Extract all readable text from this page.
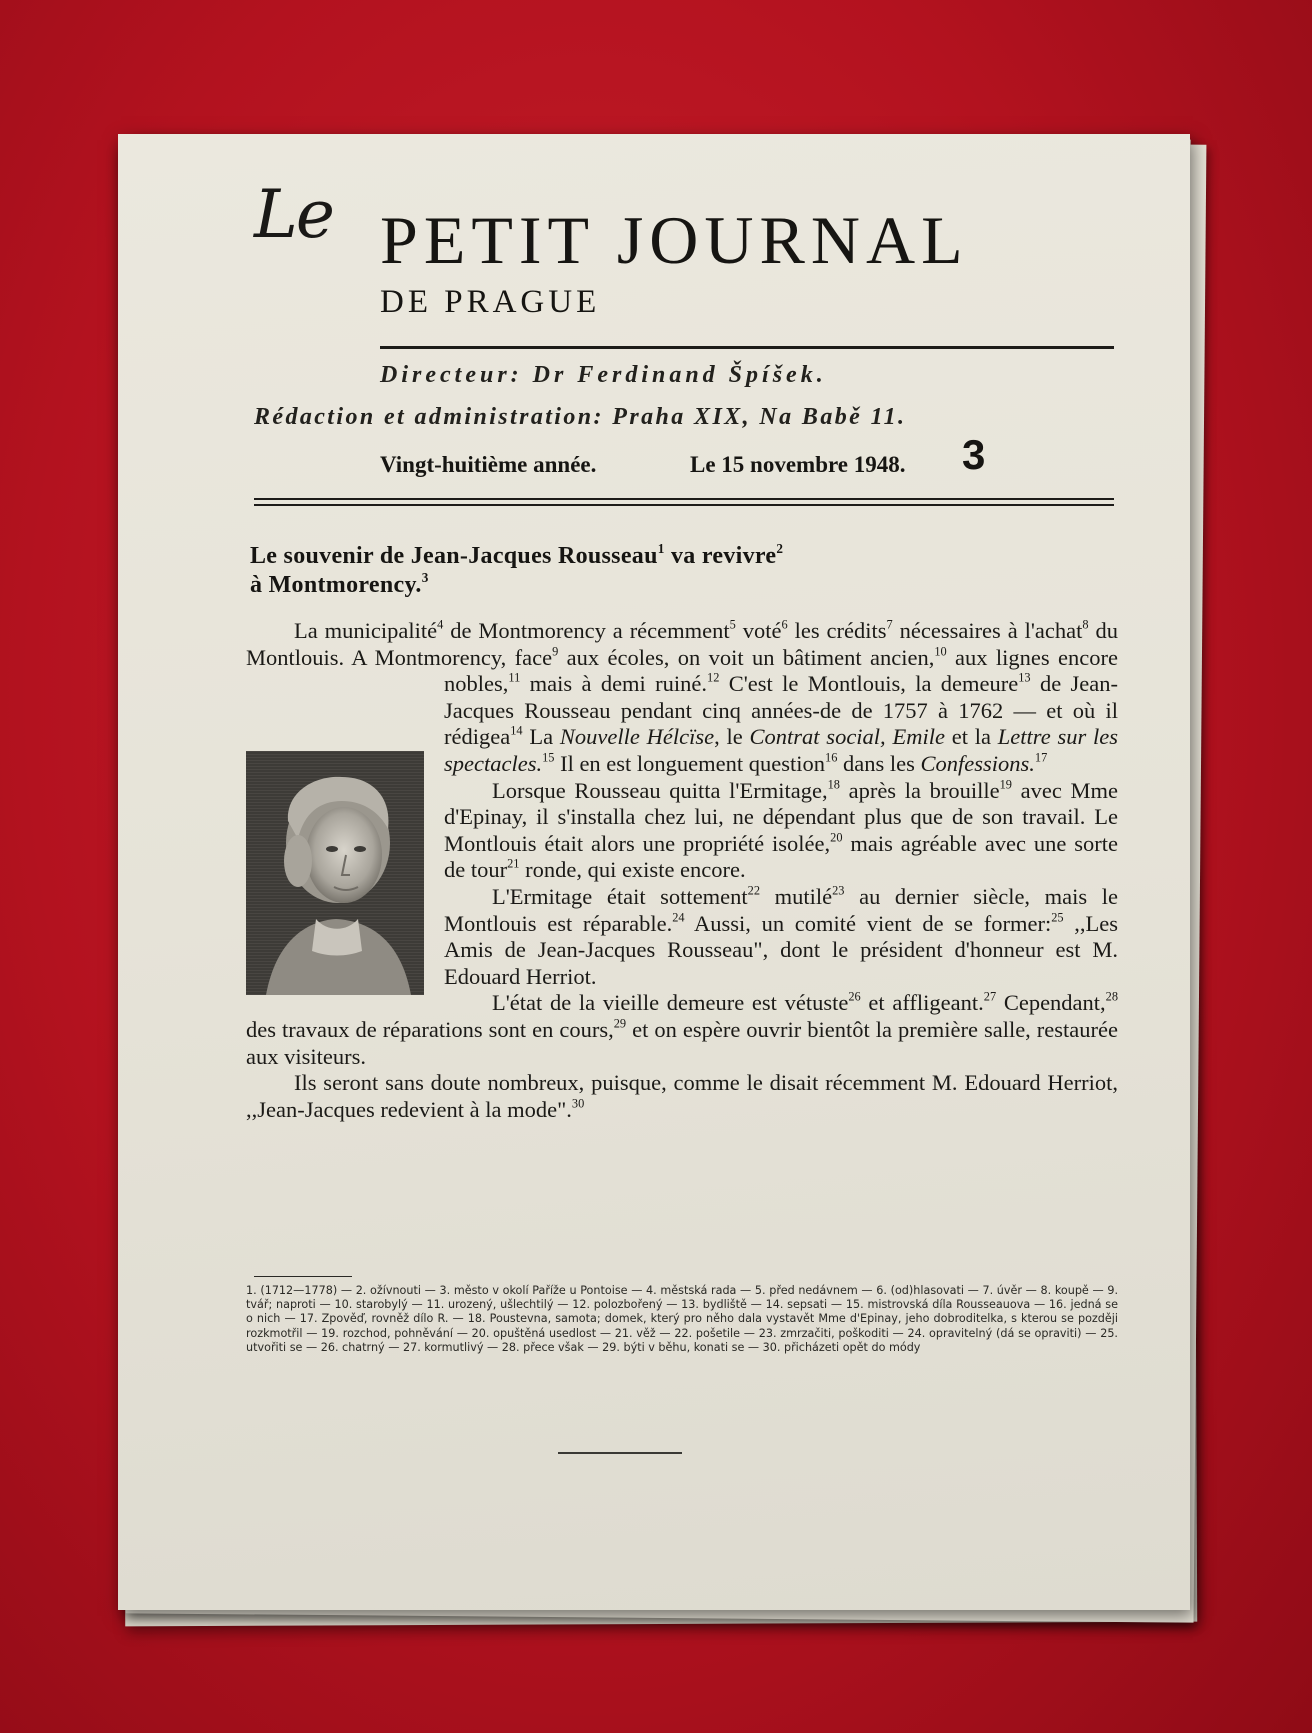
Le PETIT JOURNAL
DE PRAGUE
Directeur: Dr Ferdinand Špíšek.
Rédaction et administration: Praha XIX, Na Babě 11.
Vingt-huitième année.	Le 15 novembre 1948. 3
Le souvenir de Jean-Jacques Rousseau$^1$ va revivre$^2$
à Montmorency.$^3$

La municipalité$^4$ de Montmorency a récemment$^5$ voté$^6$ les crédits$^7$ nécessaires à l'achat$^8$ du Montlouis. A Montmorency, face$^9$ aux écoles, on voit un bâtiment ancien,$^{10}$ aux lignes encore nobles,$^{11}$
mais à demi ruiné.$^{12}$ C'est le Montlouis, la demeure$^{13}$ de Jean-Jacques Rousseau pendant cinq années-de de 1757 à 1762 — et où il rédigea$^{14}$ La Nouvelle Hélcïse, le Contrat social, Emile et la Lettre sur les spectacles.$^{15}$ Il en est longuement question$^{16}$ dans les Confessions.$^{17}$

Lorsque Rousseau quitta l'Ermitage,$^{18}$ après la brouille$^{19}$ avec Mme d'Epinay, il s'installa chez lui, ne dépendant plus que de son travail. Le Montlouis était alors une propriété isolée,$^{20}$ mais agréable avec une sorte de tour$^{21}$ ronde, qui existe encore.

L'Ermitage était sottement$^{22}$ mutilé$^{23}$ au dernier siècle, mais le Montlouis est réparable.$^{24}$ Aussi, un comité vient de se former:$^{25}$ ,,Les Amis de Jean-Jacques Rousseau", dont le président d'honneur est M. Edouard Herriot.

L'état de la vieille demeure est vétuste$^{26}$ et affligeant.$^{27}$ Cependant,$^{28}$ des travaux de réparations sont en cours,$^{29}$ et on espère ouvrir bientôt la première salle, restaurée aux visiteurs.

Ils seront sans doute nombreux, puisque, comme le disait récemment M. Edouard Herriot, ,,Jean-Jacques redevient à la mode".$^{30}$

1. (1712—1778) — 2. ožívnouti — 3. město v okolí Paříže u Pontoise — 4. městská rada — 5. před nedávnem — 6. (od)hlasovati — 7. úvěr — 8. koupě — 9. tvář; naproti — 10. starobylý — 11. urozený, ušlechtilý — 12. polozbořený — 13. bydliště — 14. sepsati — 15. mistrovská díla Rousseauova — 16. jedná se o nich — 17. Zpověď, rovněž dílo R. — 18. Poustevna, samota; domek, který pro něho dala vystavět Mme d'Epinay, jeho dobroditelka, s kterou se později rozkmotřil — 19. rozchod, pohněvání — 20. opuštěná usedlost — 21. věž — 22. pošetile — 23. zmrzačiti, poškoditi — 24. opravitelný (dá se opraviti) — 25. utvořiti se — 26. chatrný — 27. kormutlivý — 28. přece však — 29. býti v běhu, konati se — 30. přicházeti opět do módy
